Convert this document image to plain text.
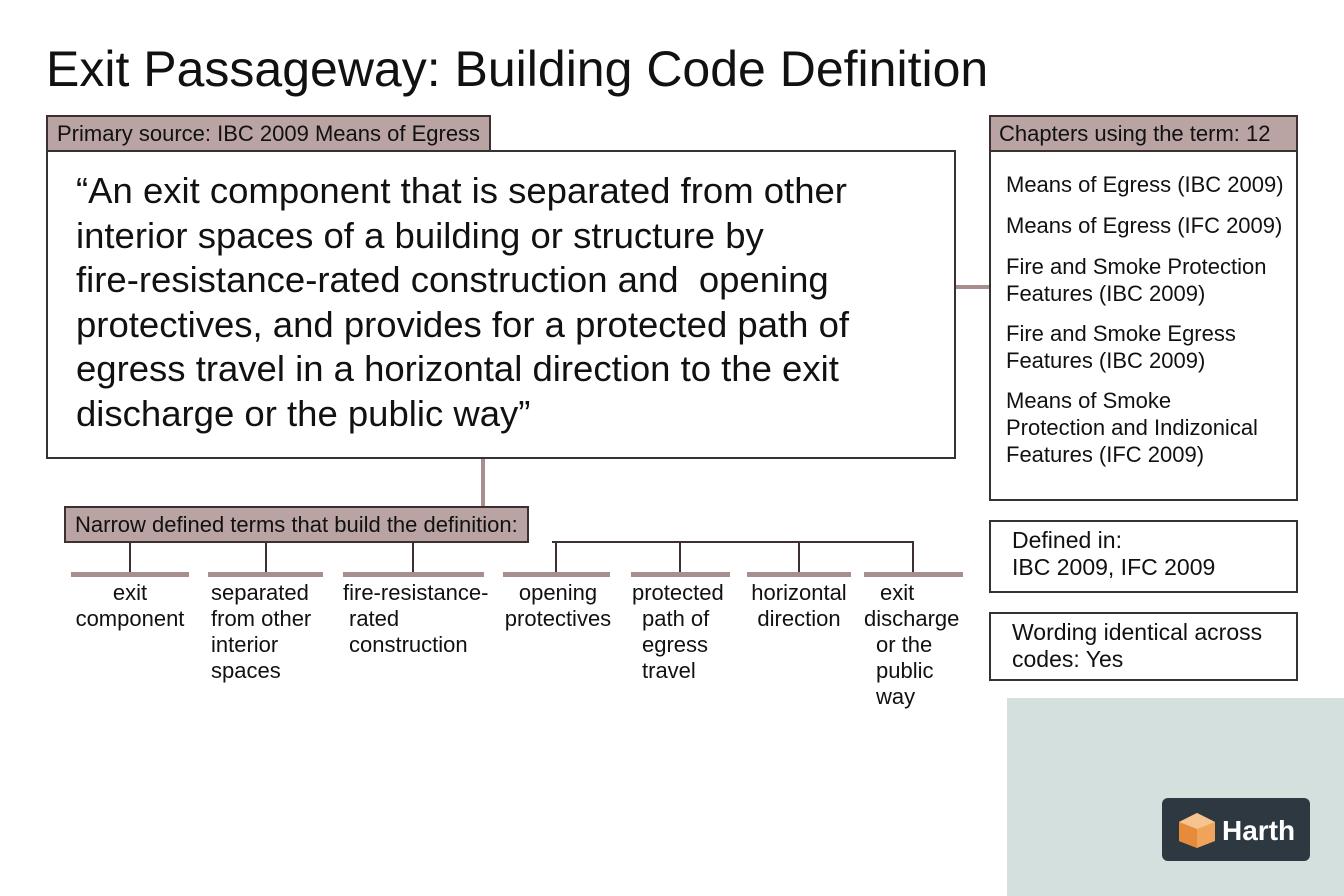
Exit Passageway: Building Code Definition
Primary source: IBC 2009 Means of Egress
“An exit component that is separated from other
interior spaces of a building or structure by
fire-resistance-rated construction and  opening
protectives, and provides for a protected path of
egress travel in a horizontal direction to the exit
discharge or the public way”
Narrow defined terms that build the definition:
exit
component
separated
from other
interior
spaces
fire-resistance-
rated
construction
opening
protectives
protected
path of
egress
travel
horizontal
direction
exit
discharge
or the
public
way
Chapters using the term: 12
Means of Egress (IBC 2009)
Means of Egress (IFC 2009)
Fire and Smoke Protection
Features (IBC 2009)
Fire and Smoke Egress
Features (IBC 2009)
Means of Smoke
Protection and Indizonical
Features (IFC 2009)
Defined in:
IBC 2009, IFC 2009
Wording identical across
codes: Yes
Harth
